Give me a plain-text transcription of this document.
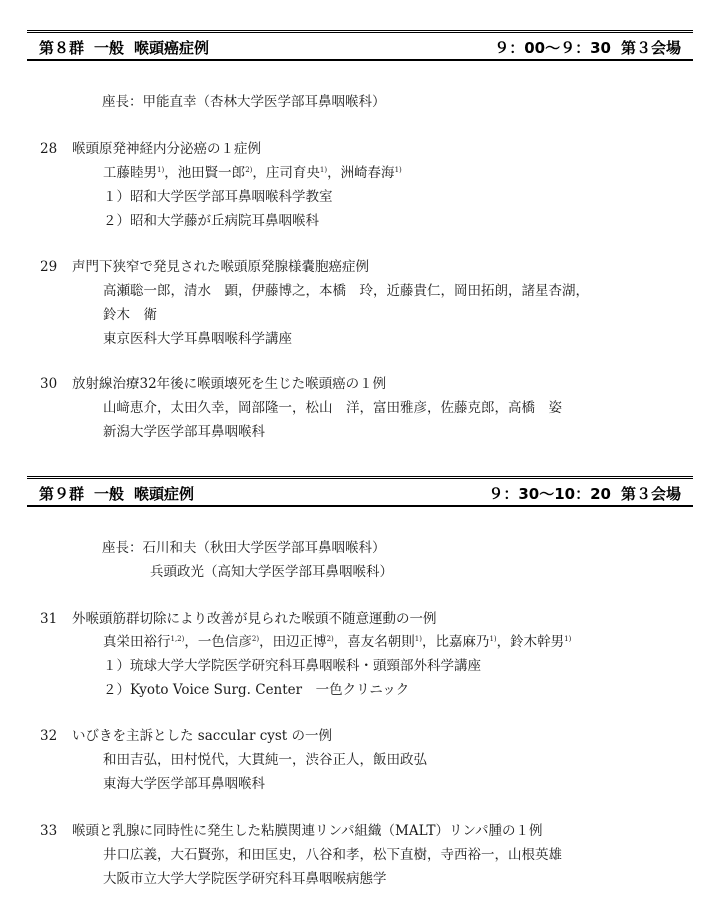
第８群 一般 喉頭癌症例	９：00〜９：30 第３会場
座長：甲能直幸（杏林大学医学部耳鼻咽喉科）
28 喉頭原発神経内分泌癌の１症例
工藤睦男$^{1)}$，池田賢一郎$^{2)}$，庄司育央$^{1)}$，洲崎春海$^{1)}$
１）昭和大学医学部耳鼻咽喉科学教室
２）昭和大学藤が丘病院耳鼻咽喉科
29 声門下狭窄で発見された喉頭原発腺様嚢胞癌症例
高瀬聡一郎，清水　顕，伊藤博之，本橋　玲，近藤貴仁，岡田拓朗，諸星杏湖，
鈴木　衛
東京医科大学耳鼻咽喉科学講座
30 放射線治療32年後に喉頭壊死を生じた喉頭癌の１例
山﨑恵介，太田久幸，岡部隆一，松山　洋，富田雅彦，佐藤克郎，高橋　姿
新潟大学医学部耳鼻咽喉科
第９群 一般 喉頭症例	９：30〜10：20 第３会場
座長：石川和夫（秋田大学医学部耳鼻咽喉科）
兵頭政光（高知大学医学部耳鼻咽喉科）
31 外喉頭筋群切除により改善が見られた喉頭不随意運動の一例
真栄田裕行$^{1,2)}$，一色信彦$^{2)}$，田辺正博$^{2)}$，喜友名朝則$^{1)}$，比嘉麻乃$^{1)}$，鈴木幹男$^{1)}$
１）琉球大学大学院医学研究科耳鼻咽喉科・頭頸部外科学講座
２）Kyoto Voice Surg. Center　一色クリニック
32 いびきを主訴とした saccular cyst の一例
和田吉弘，田村悦代，大貫純一，渋谷正人，飯田政弘
東海大学医学部耳鼻咽喉科
33 喉頭と乳腺に同時性に発生した粘膜関連リンパ組織（MALT）リンパ腫の１例
井口広義，大石賢弥，和田匡史，八谷和孝，松下直樹，寺西裕一，山根英雄
大阪市立大学大学院医学研究科耳鼻咽喉病態学
